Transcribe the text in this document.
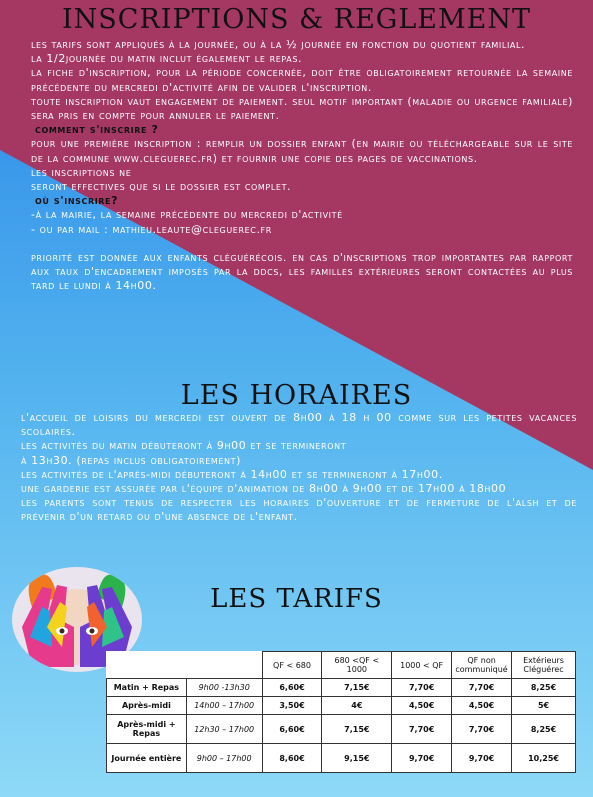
INSCRIPTIONS & REGLEMENT

les tarifs sont appliqués à la journée, ou à la ½ journée en fonction du quotient familial.

la 1/2journée du matin inclut également le repas.

la fiche d'inscription, pour la période concernée, doit être obligatoirement retournée la semaine précédente du mercredi d'activité afin de valider l'inscription.

toute inscription vaut engagement de paiement. seul motif important (maladie ou urgence familiale) sera pris en compte pour annuler le paiement.

comment s'inscrire ?

pour une première inscription : remplir un dossier enfant (en mairie ou téléchargeable sur le site de la commune www.cleguerec.fr) et fournir une copie des pages de vaccinations.

les inscriptions ne

seront effectives que si le dossier est complet.

où s'inscrire?

-à la mairie, la semaine précédente du mercredi d'activité

- ou par mail : mathieu.leaute@cleguerec.fr

priorité est donnée aux enfants cléguérécois. en cas d'inscriptions trop importantes par rapport aux taux d'encadrement imposés par la ddcs, les familles extérieures seront contactées au plus tard le lundi à 14h00.

LES HORAIRES

l'accueil de loisirs du mercredi est ouvert de 8h00 à 18 h 00 comme sur les petites vacances scolaires.

les activités du matin débuteront à 9h00 et se termineront

à 13h30. (repas inclus obligatoirement)

les activités de l'après-midi débuteront à 14h00 et se termineront à 17h00.

une garderie est assurée par l'équipe d'animation de 8h00 à 9h00 et de 17h00 à 18h00

les parents sont tenus de respecter les horaires d'ouverture et de fermeture de l'alsh et de prévenir d'un retard ou d'une absence de l'enfant.

LES TARIFS
		QF < 680	680 <QF < 1000	1000 < QF	QF non communiqué	Extérieurs Cléguérec
Matin + Repas	9h00 -13h30	6,60€	7,15€	7,70€	7,70€	8,25€
Après-midi	14h00 – 17h00	3,50€	4€	4,50€	4,50€	5€
Après-midi + Repas	12h30 – 17h00	6,60€	7,15€	7,70€	7,70€	8,25€
Journée entière	9h00 – 17h00	8,60€	9,15€	9,70€	9,70€	10,25€
